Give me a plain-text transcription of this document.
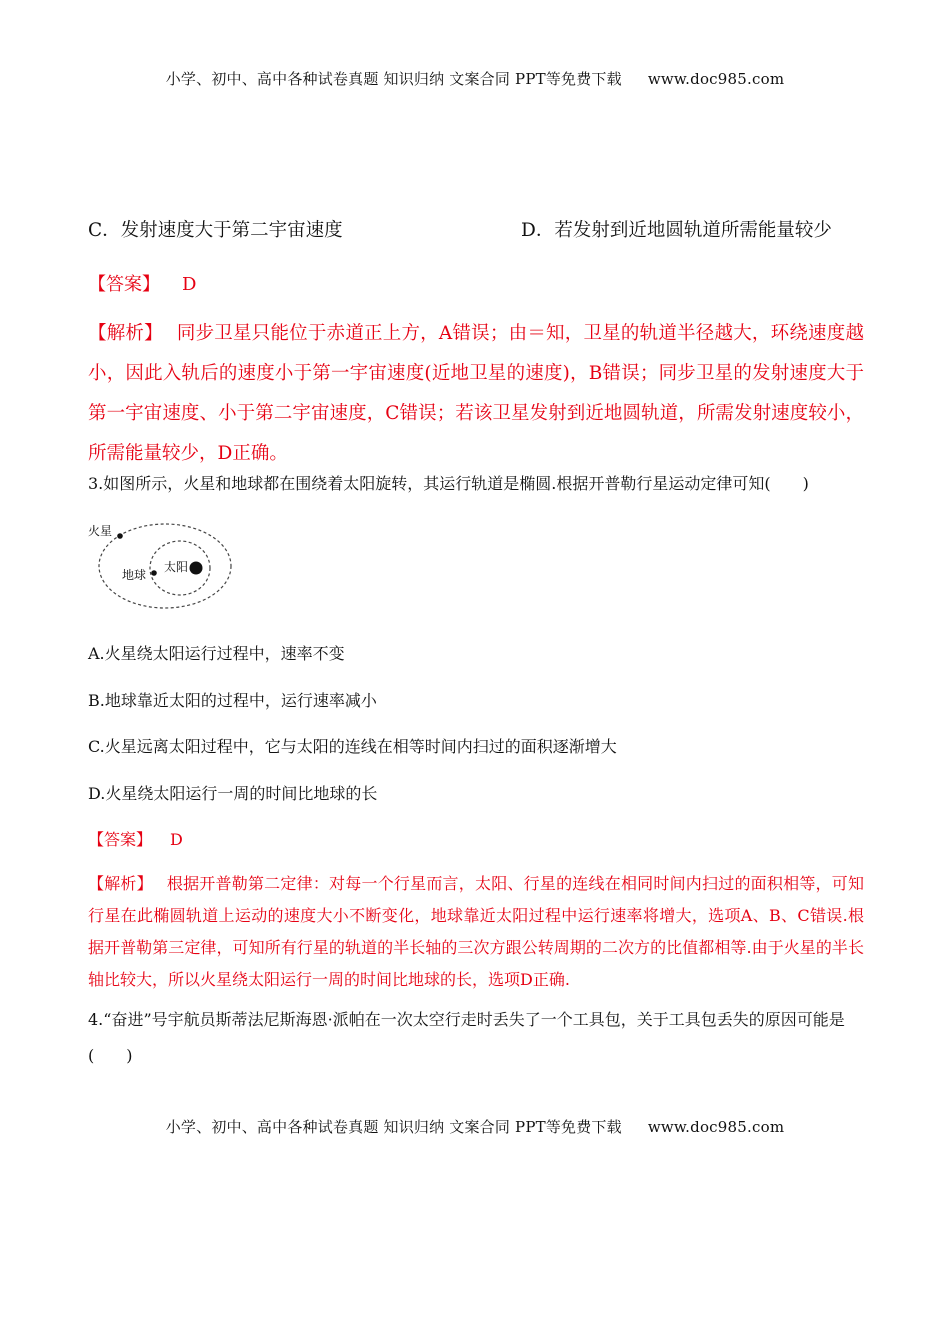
小学、初中、高中各种试卷真题 知识归纳 文案合同 PPT等免费下载 www.doc985.com
C．发射速度大于第二宇宙速度	D．若发射到近地圆轨道所需能量较少
【答案】 D
【解析】 同步卫星只能位于赤道正上方，A错误；由＝知，卫星的轨道半径越大，环绕速度越小，因此入轨后的速度小于第一宇宙速度(近地卫星的速度)，B错误；同步卫星的发射速度大于第一宇宙速度、小于第二宇宙速度，C错误；若该卫星发射到近地圆轨道，所需发射速度较小，所需能量较少，D正确。
3.如图所示，火星和地球都在围绕着太阳旋转，其运行轨道是椭圆.根据开普勒行星运动定律可知(　　)
火星
地球
太阳
A.火星绕太阳运行过程中，速率不变
B.地球靠近太阳的过程中，运行速率减小
C.火星远离太阳过程中，它与太阳的连线在相等时间内扫过的面积逐渐增大
D.火星绕太阳运行一周的时间比地球的长
【答案】 D
【解析】 根据开普勒第二定律：对每一个行星而言，太阳、行星的连线在相同时间内扫过的面积相等，可知行星在此椭圆轨道上运动的速度大小不断变化，地球靠近太阳过程中运行速率将增大，选项A、B、C错误.根据开普勒第三定律，可知所有行星的轨道的半长轴的三次方跟公转周期的二次方的比值都相等.由于火星的半长轴比较大，所以火星绕太阳运行一周的时间比地球的长，选项D正确.
4.“奋进”号宇航员斯蒂法尼斯海恩·派帕在一次太空行走时丢失了一个工具包，关于工具包丢失的原因可能是(　　)
小学、初中、高中各种试卷真题 知识归纳 文案合同 PPT等免费下载 www.doc985.com
